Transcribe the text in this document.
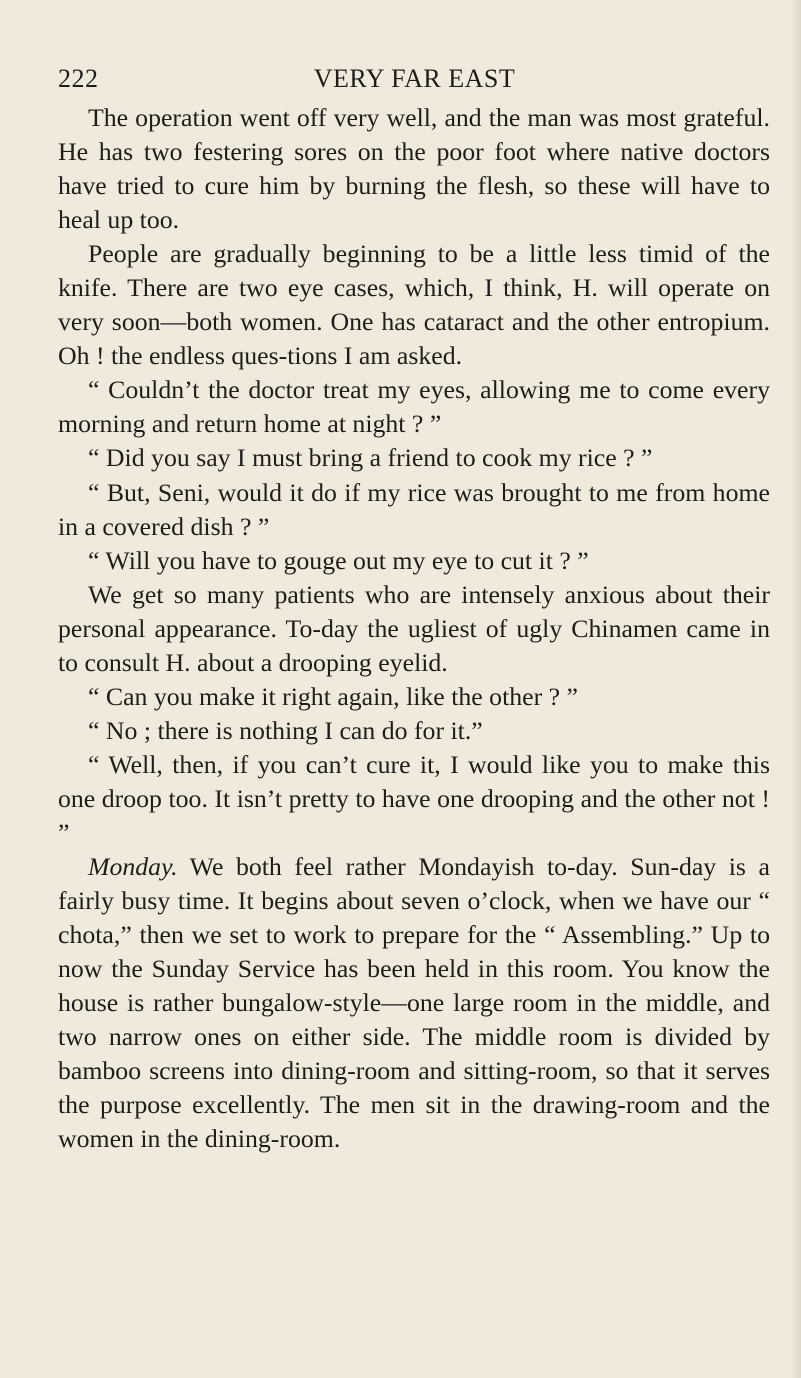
222	VERY FAR EAST

The operation went off very well, and the man was most grateful. He has two festering sores on the poor foot where native doctors have tried to cure him by burning the flesh, so these will have to heal up too.

People are gradually beginning to be a little less timid of the knife. There are two eye cases, which, I think, H. will operate on very soon—both women. One has cataract and the other entropium. Oh ! the endless ques-tions I am asked.

“ Couldn’t the doctor treat my eyes, allowing me to come every morning and return home at night ? ”

“ Did you say I must bring a friend to cook my rice ? ”

“ But, Seni, would it do if my rice was brought to me from home in a covered dish ? ”

“ Will you have to gouge out my eye to cut it ? ”

We get so many patients who are intensely anxious about their personal appearance. To-day the ugliest of ugly Chinamen came in to consult H. about a drooping eyelid.

“ Can you make it right again, like the other ? ”

“ No ; there is nothing I can do for it.”

“ Well, then, if you can’t cure it, I would like you to make this one droop too. It isn’t pretty to have one drooping and the other not ! ”

Monday. We both feel rather Mondayish to-day. Sun-day is a fairly busy time. It begins about seven o’clock, when we have our “ chota,” then we set to work to prepare for the “ Assembling.” Up to now the Sunday Service has been held in this room. You know the house is rather bungalow-style—one large room in the middle, and two narrow ones on either side. The middle room is divided by bamboo screens into dining-room and sitting-room, so that it serves the purpose excellently. The men sit in the drawing-room and the women in the dining-room.
